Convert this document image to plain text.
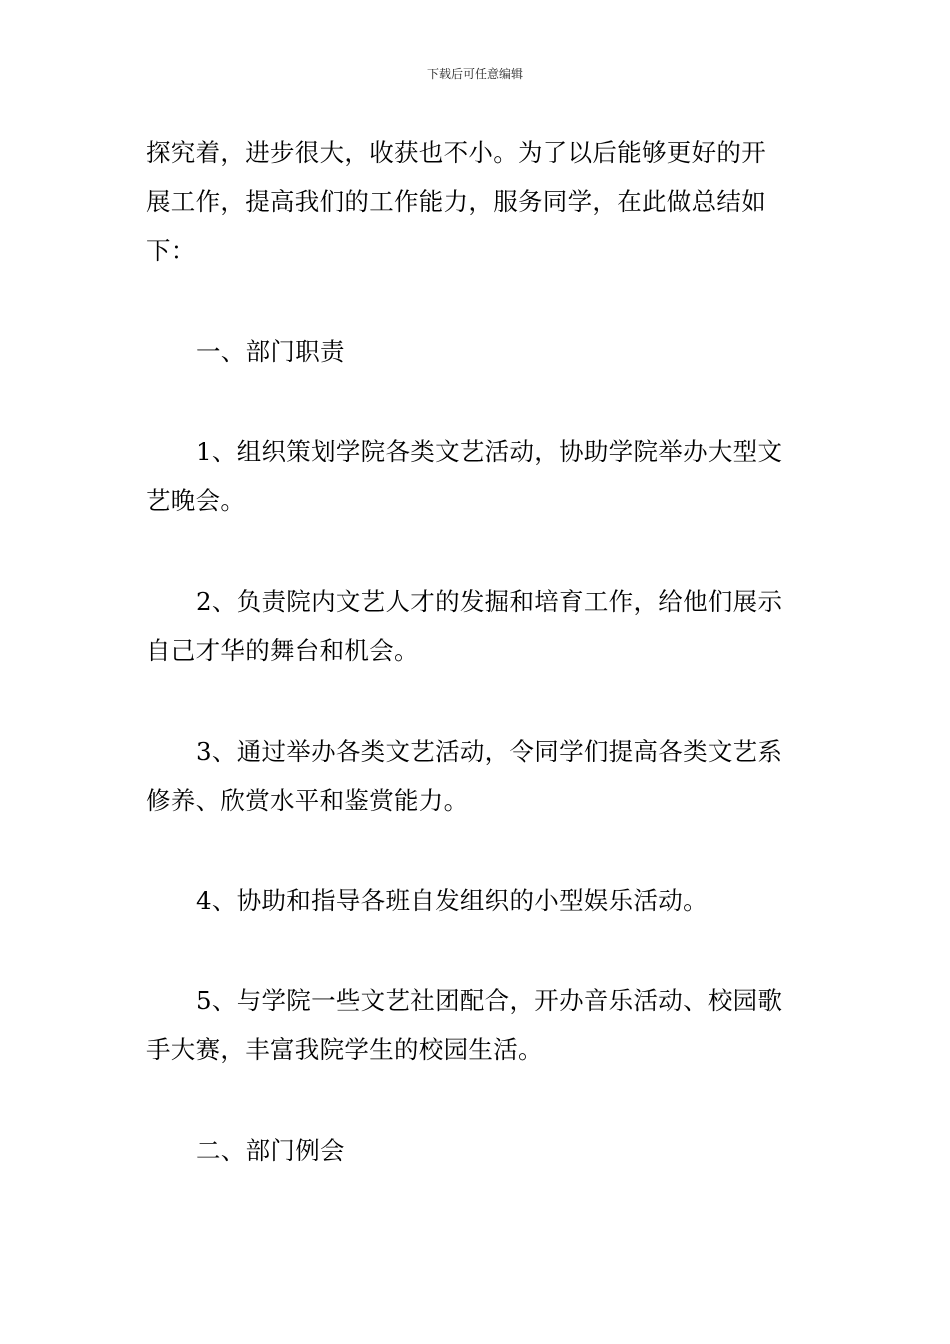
下载后可任意编辑

探究着，进步很大，收获也不小。为了以后能够更好的开

展工作，提高我们的工作能力，服务同学，在此做总结如

下：

一、部门职责

1、组织策划学院各类文艺活动，协助学院举办大型文

艺晚会。

2、负责院内文艺人才的发掘和培育工作，给他们展示

自己才华的舞台和机会。

3、通过举办各类文艺活动，令同学们提高各类文艺系

修养、欣赏水平和鉴赏能力。

4、协助和指导各班自发组织的小型娱乐活动。

5、与学院一些文艺社团配合，开办音乐活动、校园歌

手大赛，丰富我院学生的校园生活。

二、部门例会
